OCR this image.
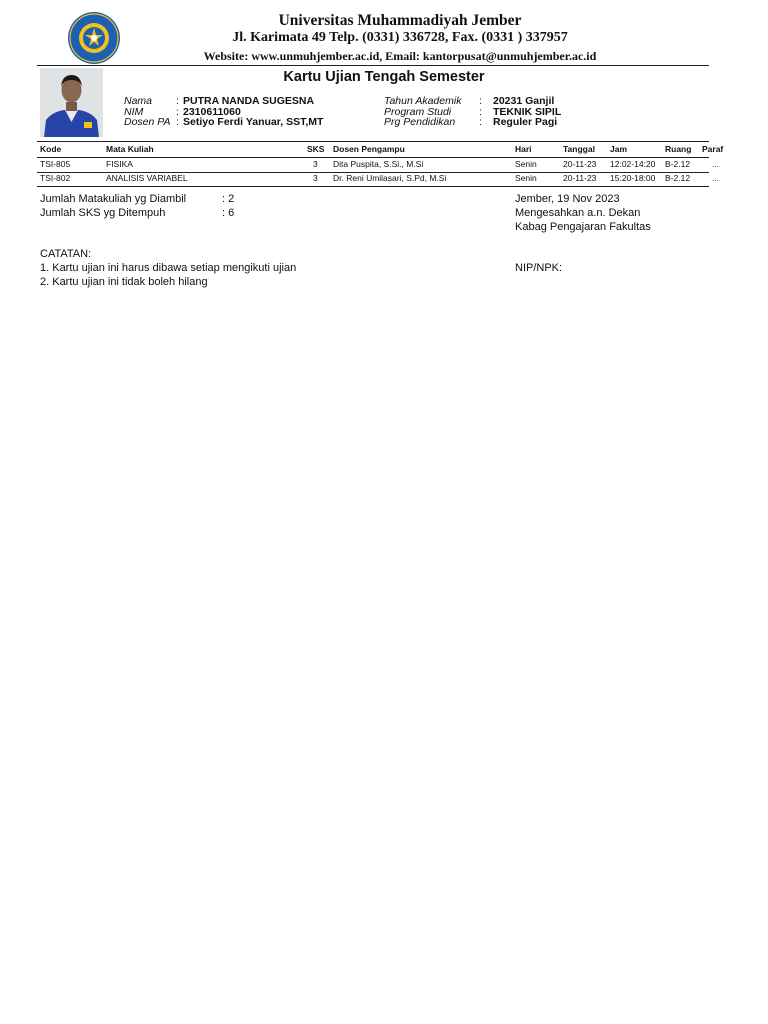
Universitas Muhammadiyah Jember
Jl. Karimata 49 Telp. (0331) 336728, Fax. (0331 ) 337957
Website: www.unmuhjember.ac.id, Email: kantorpusat@unmuhjember.ac.id
Kartu Ujian Tengah Semester
Nama : PUTRA NANDA SUGESNA
NIM	: 2310611060
Dosen PA : Setiyo Ferdi Yanuar, SST,MT
Tahun Akademik : 20231 Ganjil
Program Studi	: TEKNIK SIPIL
Prg Pendidikan : Reguler Pagi
Kode	Mata Kuliah	SKS Dosen Pengampu	Hari	Tanggal Jam	Ruang Paraf
TSI-805	FISIKA	3 Dita Puspita, S.Si., M.Si	Senin	20-11-23 12:02-14:20 B-2.12	...
TSI-802	ANALISIS VARIABEL	3 Dr. Reni Umilasari, S.Pd, M.Si	Senin	20-11-23 15:20-18:00 B-2.12	...
Jumlah Matakuliah yg Diambil	: 2
Jumlah SKS yg Ditempuh	: 6
Jember, 19 Nov 2023
Mengesahkan a.n. Dekan
Kabag Pengajaran Fakultas
NIP/NPK:
CATATAN:
1. Kartu ujian ini harus dibawa setiap mengikuti ujian
2. Kartu ujian ini tidak boleh hilang
